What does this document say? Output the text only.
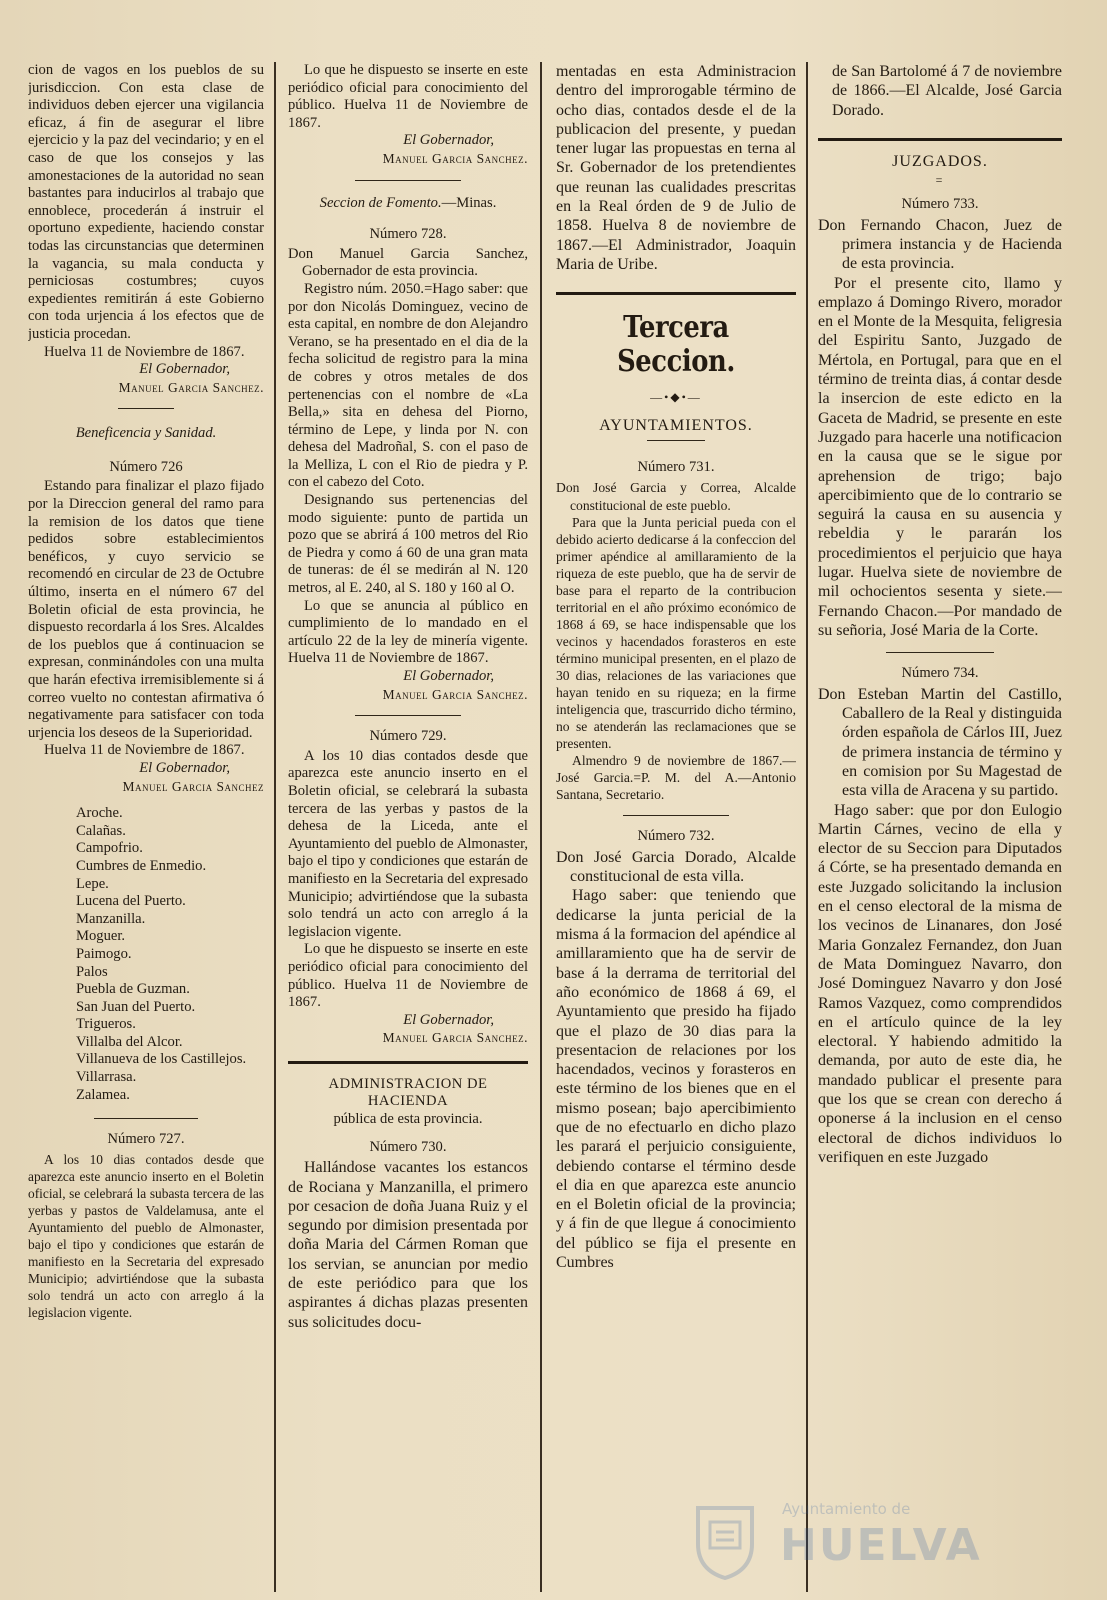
cion de vagos en los pueblos de su jurisdiccion. Con esta clase de individuos deben ejercer una vigilancia eficaz, á fin de asegurar el libre ejercicio y la paz del vecindario; y en el caso de que los consejos y las amonestaciones de la autoridad no sean bastantes para inducirlos al trabajo que ennoblece, procederán á instruir el oportuno expediente, haciendo constar todas las circunstancias que determinen la vagancia, su mala conducta y perniciosas costumbres; cuyos expedientes remitirán á este Gobierno con toda urjencia á los efectos que de justicia procedan.

Huelva 11 de Noviembre de 1867.

El Gobernador,

Manuel Garcia Sanchez.

Beneficencia y Sanidad.

Número 726

Estando para finalizar el plazo fijado por la Direccion general del ramo para la remision de los datos que tiene pedidos sobre establecimientos benéficos, y cuyo servicio se recomendó en circular de 23 de Octubre último, inserta en el número 67 del Boletin oficial de esta provincia, he dispuesto recordarla á los Sres. Alcaldes de los pueblos que á continuacion se expresan, conminándoles con una multa que harán efectiva irremisiblemente si á correo vuelto no contestan afirmativa ó negativamente para satisfacer con toda urjencia los deseos de la Superioridad.

Huelva 11 de Noviembre de 1867.

El Gobernador,

Manuel Garcia Sanchez

Aroche.
Calañas.
Campofrio.
Cumbres de Enmedio.
Lepe.
Lucena del Puerto.
Manzanilla.
Moguer.
Paimogo.
Palos
Puebla de Guzman.
San Juan del Puerto.
Trigueros.
Villalba del Alcor.
Villanueva de los Castillejos.
Villarrasa.
Zalamea.

Número 727.

A los 10 dias contados desde que aparezca este anuncio inserto en el Boletin oficial, se celebrará la subasta tercera de las yerbas y pastos de Valdelamusa, ante el Ayuntamiento del pueblo de Almonaster, bajo el tipo y condiciones que estarán de manifiesto en la Secretaria del expresado Municipio; advirtiéndose que la subasta solo tendrá un acto con arreglo á la legislacion vigente.

Lo que he dispuesto se inserte en este periódico oficial para conocimiento del público. Huelva 11 de Noviembre de 1867.

El Gobernador,

Manuel Garcia Sanchez.

Seccion de Fomento.—Minas.

Número 728.

Don Manuel Garcia Sanchez, Gobernador de esta provincia.

Registro núm. 2050.=Hago saber: que por don Nicolás Dominguez, vecino de esta capital, en nombre de don Alejandro Verano, se ha presentado en el dia de la fecha solicitud de registro para la mina de cobres y otros metales de dos pertenencias con el nombre de «La Bella,» sita en dehesa del Piorno, término de Lepe, y linda por N. con dehesa del Madroñal, S. con el paso de la Melliza, L con el Rio de piedra y P. con el cabezo del Coto.

Designando sus pertenencias del modo siguiente: punto de partida un pozo que se abrirá á 100 metros del Rio de Piedra y como á 60 de una gran mata de tuneras: de él se medirán al N. 120 metros, al E. 240, al S. 180 y 160 al O.

Lo que se anuncia al público en cumplimiento de lo mandado en el artículo 22 de la ley de minería vigente. Huelva 11 de Noviembre de 1867.

El Gobernador,

Manuel Garcia Sanchez.

Número 729.

A los 10 dias contados desde que aparezca este anuncio inserto en el Boletin oficial, se celebrará la subasta tercera de las yerbas y pastos de la dehesa de la Liceda, ante el Ayuntamiento del pueblo de Almonaster, bajo el tipo y condiciones que estarán de manifiesto en la Secretaria del expresado Municipio; advirtiéndose que la subasta solo tendrá un acto con arreglo á la legislacion vigente.

Lo que he dispuesto se inserte en este periódico oficial para conocimiento del público. Huelva 11 de Noviembre de 1867.

El Gobernador,

Manuel Garcia Sanchez.

ADMINISTRACION DE HACIENDA

pública de esta provincia.

Número 730.

Hallándose vacantes los estancos de Rociana y Manzanilla, el primero por cesacion de doña Juana Ruiz y el segundo por dimision presentada por doña Maria del Cármen Roman que los servian, se anuncian por medio de este periódico para que los aspirantes á dichas plazas presenten sus solicitudes docu-

mentadas en esta Administracion dentro del improrogable término de ocho dias, contados desde el de la publicacion del presente, y puedan tener lugar las propuestas en terna al Sr. Gobernador de los pretendientes que reunan las cualidades prescritas en la Real órden de 9 de Julio de 1858. Huelva 8 de noviembre de 1867.—El Administrador, Joaquin Maria de Uribe.

Tercera Seccion.

—•◆•—

AYUNTAMIENTOS.

Número 731.

Don José Garcia y Correa, Alcalde constitucional de este pueblo.

Para que la Junta pericial pueda con el debido acierto dedicarse á la confeccion del primer apéndice al amillaramiento de la riqueza de este pueblo, que ha de servir de base para el reparto de la contribucion territorial en el año próximo económico de 1868 á 69, se hace indispensable que los vecinos y hacendados forasteros en este término municipal presenten, en el plazo de 30 dias, relaciones de las variaciones que hayan tenido en su riqueza; en la firme inteligencia que, trascurrido dicho término, no se atenderán las reclamaciones que se presenten.

Almendro 9 de noviembre de 1867.—José Garcia.=P. M. del A.—Antonio Santana, Secretario.

Número 732.

Don José Garcia Dorado, Alcalde constitucional de esta villa.

Hago saber: que teniendo que dedicarse la junta pericial de la misma á la formacion del apéndice al amillaramiento que ha de servir de base á la derrama de territorial del año económico de 1868 á 69, el Ayuntamiento que presido ha fijado que el plazo de 30 dias para la presentacion de relaciones por los hacendados, vecinos y forasteros en este término de los bienes que en el mismo posean; bajo apercibimiento que de no efectuarlo en dicho plazo les parará el perjuicio consiguiente, debiendo contarse el término desde el dia en que aparezca este anuncio en el Boletin oficial de la provincia; y á fin de que llegue á conocimiento del público se fija el presente en Cumbres

de San Bartolomé á 7 de noviembre de 1866.—El Alcalde, José Garcia Dorado.

JUZGADOS.

=

Número 733.

Don Fernando Chacon, Juez de primera instancia y de Hacienda de esta provincia.

Por el presente cito, llamo y emplazo á Domingo Rivero, morador en el Monte de la Mesquita, feligresia del Espiritu Santo, Juzgado de Mértola, en Portugal, para que en el término de treinta dias, á contar desde la insercion de este edicto en la Gaceta de Madrid, se presente en este Juzgado para hacerle una notificacion en la causa que se le sigue por aprehension de trigo; bajo apercibimiento que de lo contrario se seguirá la causa en su ausencia y rebeldia y le pararán los procedimientos el perjuicio que haya lugar. Huelva siete de noviembre de mil ochocientos sesenta y siete.—Fernando Chacon.—Por mandado de su señoria, José Maria de la Corte.

Número 734.

Don Esteban Martin del Castillo, Caballero de la Real y distinguida órden española de Cárlos III, Juez de primera instancia de término y en comision por Su Magestad de esta villa de Aracena y su partido.

Hago saber: que por don Eulogio Martin Cárnes, vecino de ella y elector de su Seccion para Diputados á Córte, se ha presentado demanda en este Juzgado solicitando la inclusion en el censo electoral de la misma de los vecinos de Linanares, don José Maria Gonzalez Fernandez, don Juan de Mata Dominguez Navarro, don José Dominguez Navarro y don José Ramos Vazquez, como comprendidos en el artículo quince de la ley electoral. Y habiendo admitido la demanda, por auto de este dia, he mandado publicar el presente para que los que se crean con derecho á oponerse á la inclusion en el censo electoral de dichos individuos lo verifiquen en este Juzgado

Ayuntamiento de
HUELVA
